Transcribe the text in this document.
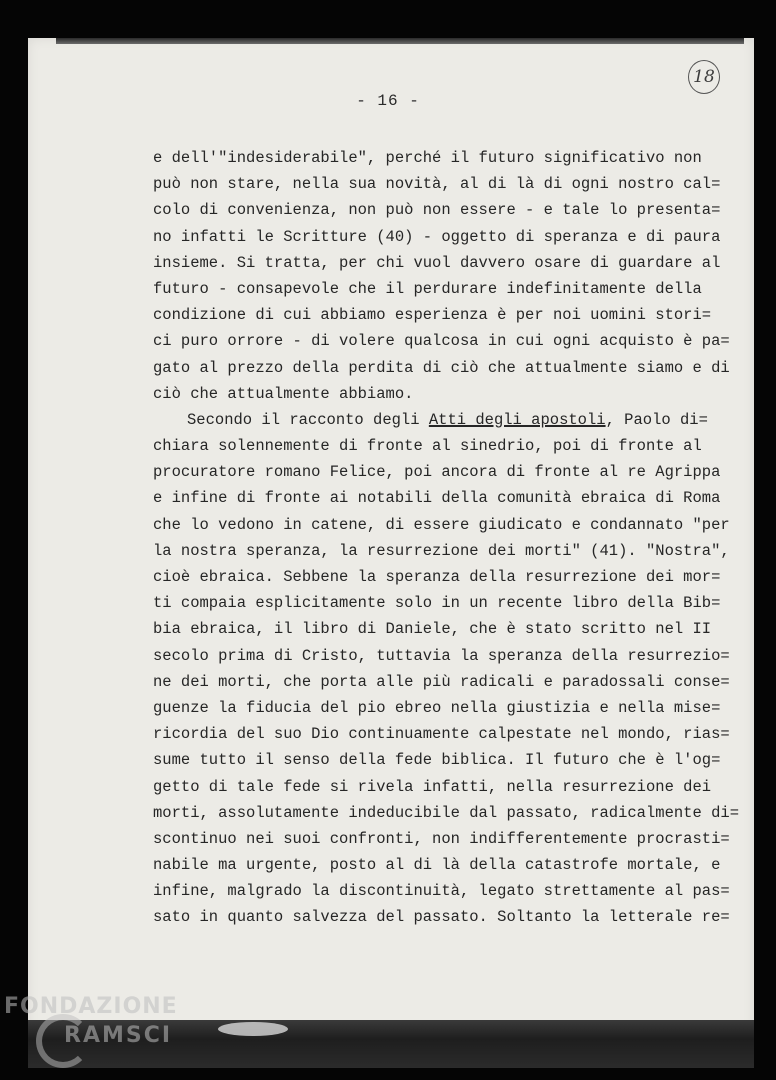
- 16 -
18
e dell'"indesiderabile", perché il futuro significativo non
può non stare, nella sua novità, al di là di ogni nostro cal=
colo di convenienza, non può non essere - e tale lo presenta=
no infatti le Scritture (40) - oggetto di speranza e di paura
insieme. Si tratta, per chi vuol davvero osare di guardare al
futuro - consapevole che il perdurare indefinitamente della
condizione di cui abbiamo esperienza è per noi uomini stori=
ci puro orrore - di volere qualcosa in cui ogni acquisto è pa=
gato al prezzo della perdita di ciò che attualmente siamo e di
ciò che attualmente abbiamo.
Secondo il racconto degli Atti degli apostoli, Paolo di=
chiara solennemente di fronte al sinedrio, poi di fronte al
procuratore romano Felice, poi ancora di fronte al re Agrippa
e infine di fronte ai notabili della comunità ebraica di Roma
che lo vedono in catene, di essere giudicato e condannato "per
la nostra speranza, la resurrezione dei morti" (41). "Nostra",
cioè ebraica. Sebbene la speranza della resurrezione dei mor=
ti compaia esplicitamente solo in un recente libro della Bib=
bia ebraica, il libro di Daniele, che è stato scritto nel II
secolo prima di Cristo, tuttavia la speranza della resurrezio=
ne dei morti, che porta alle più radicali e paradossali conse=
guenze la fiducia del pio ebreo nella giustizia e nella mise=
ricordia del suo Dio continuamente calpestate nel mondo, rias=
sume tutto il senso della fede biblica. Il futuro che è l'og=
getto di tale fede si rivela infatti, nella resurrezione dei
morti, assolutamente indeducibile dal passato, radicalmente di=
scontinuo nei suoi confronti, non indifferentemente procrasti=
nabile ma urgente, posto al di là della catastrofe mortale, e
infine, malgrado la discontinuità, legato strettamente al pas=
sato in quanto salvezza del passato. Soltanto la letterale re=
FONDAZIONE
RAMSCI
